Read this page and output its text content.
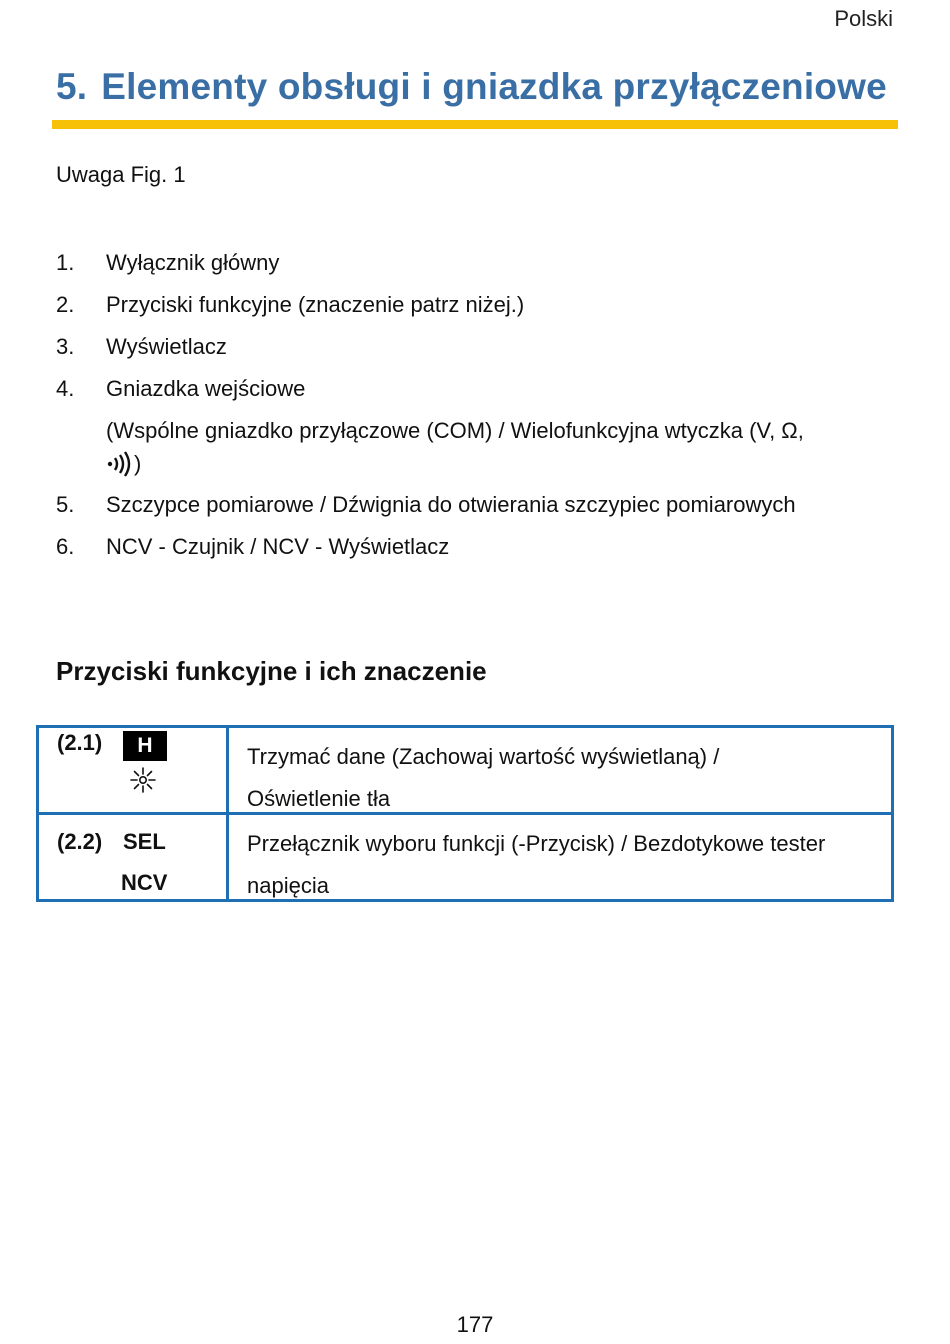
Polski
5. Elementy obsługi i gniazdka przyłączeniowe
Uwaga Fig. 1
1. Wyłącznik główny
2. Przyciski funkcyjne (znaczenie patrz niżej.)
3. Wyświetlacz
4. Gniazdka wejściowe
(Wspólne gniazdko przyłączowe (COM) / Wielofunkcyjna wtyczka (V, Ω,
)
5. Szczypce pomiarowe / Dźwignia do otwierania szczypiec pomiarowych
6. NCV - Czujnik / NCV - Wyświetlacz
Przyciski funkcyjne i ich znaczenie
(2.1)	H	Trzymać dane (Zachowaj wartość wyświetlaną) /
Oświetlenie tła
(2.2) SEL
NCV
Przełącznik wyboru funkcji (-Przycisk) / Bezdotykowe tester
napięcia
177
